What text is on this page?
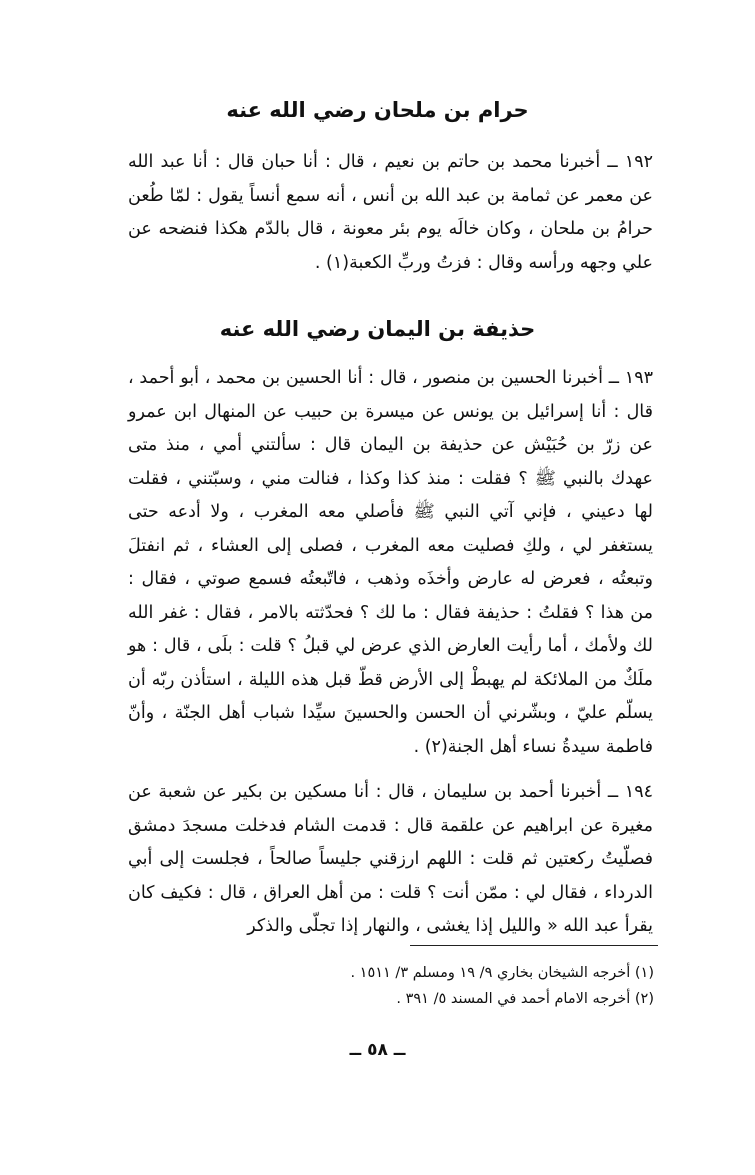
حرام بن ملحان رضي الله عنه

١٩٢ ــ أخبرنا محمد بن حاتم بن نعيم ، قال : أنا حبان قال : أنا عبد الله عن معمر عن ثمامة بن عبد الله بن أنس ، أنه سمع أنساً يقول : لمّا طُعن حرامُ بن ملحان ، وكان خالَه يوم بئر معونة ، قال بالدّم هكذا فنضحه عن علي وجهه ورأسه وقال : فزتُ وربِّ الكعبة(١) .

حذيفة بن اليمان رضي الله عنه

١٩٣ ــ أخبرنا الحسين بن منصور ، قال : أنا الحسين بن محمد ، أبو أحمد ، قال : أنا إسرائيل بن يونس عن ميسرة بن حبيب عن المنهال ابن عمرو عن زرّ بن حُبَيْش عن حذيفة بن اليمان قال : سألتني أمي ، منذ متى عهدك بالنبي ﷺ ؟ فقلت : منذ كذا وكذا ، فنالت مني ، وسبّتني ، فقلت لها دعيني ، فإني آتي النبي ﷺ فأصلي معه المغرب ، ولا أدعه حتى يستغفر لي ، ولكِ فصليت معه المغرب ، فصلى إلى العشاء ، ثم انفتلَ وتبعتُه ، فعرض له عارض وأخذَه وذهب ، فاتّبعتُه فسمع صوتي ، فقال : من هذا ؟ فقلتُ : حذيفة فقال : ما لك ؟ فحدّثته بالامر ، فقال : غفر الله لك ولأمك ، أما رأيت العارض الذي عرض لي قبلُ ؟ قلت : بلَى ، قال : هو ملَكٌ من الملائكة لم يهبطْ إلى الأرض قطّ قبل هذه الليلة ، استأذن ربّه أن يسلّم عليّ ، وبشّرني أن الحسن والحسينَ سيِّدا شباب أهل الجنّة ، وأنّ فاطمة سيدةُ نساء أهل الجنة(٢) .

١٩٤ ــ أخبرنا أحمد بن سليمان ، قال : أنا مسكين بن بكير عن شعبة عن مغيرة عن ابراهيم عن علقمة قال : قدمت الشام فدخلت مسجدَ دمشق فصلّيتُ ركعتين ثم قلت : اللهم ارزقني جليساً صالحاً ، فجلست إلى أبي الدرداء ، فقال لي : ممّن أنت ؟ قلت : من أهل العراق ، قال : فكيف كان يقرأ عبد الله « والليل إذا يغشى ، والنهار إذا تجلّى والذكر

(١) أخرجه الشيخان بخاري ٩/ ١٩ ومسلم ٣/ ١٥١١ .

(٢) أخرجه الامام أحمد في المسند ٥/ ٣٩١ .

ــ ٥٨ ــ
